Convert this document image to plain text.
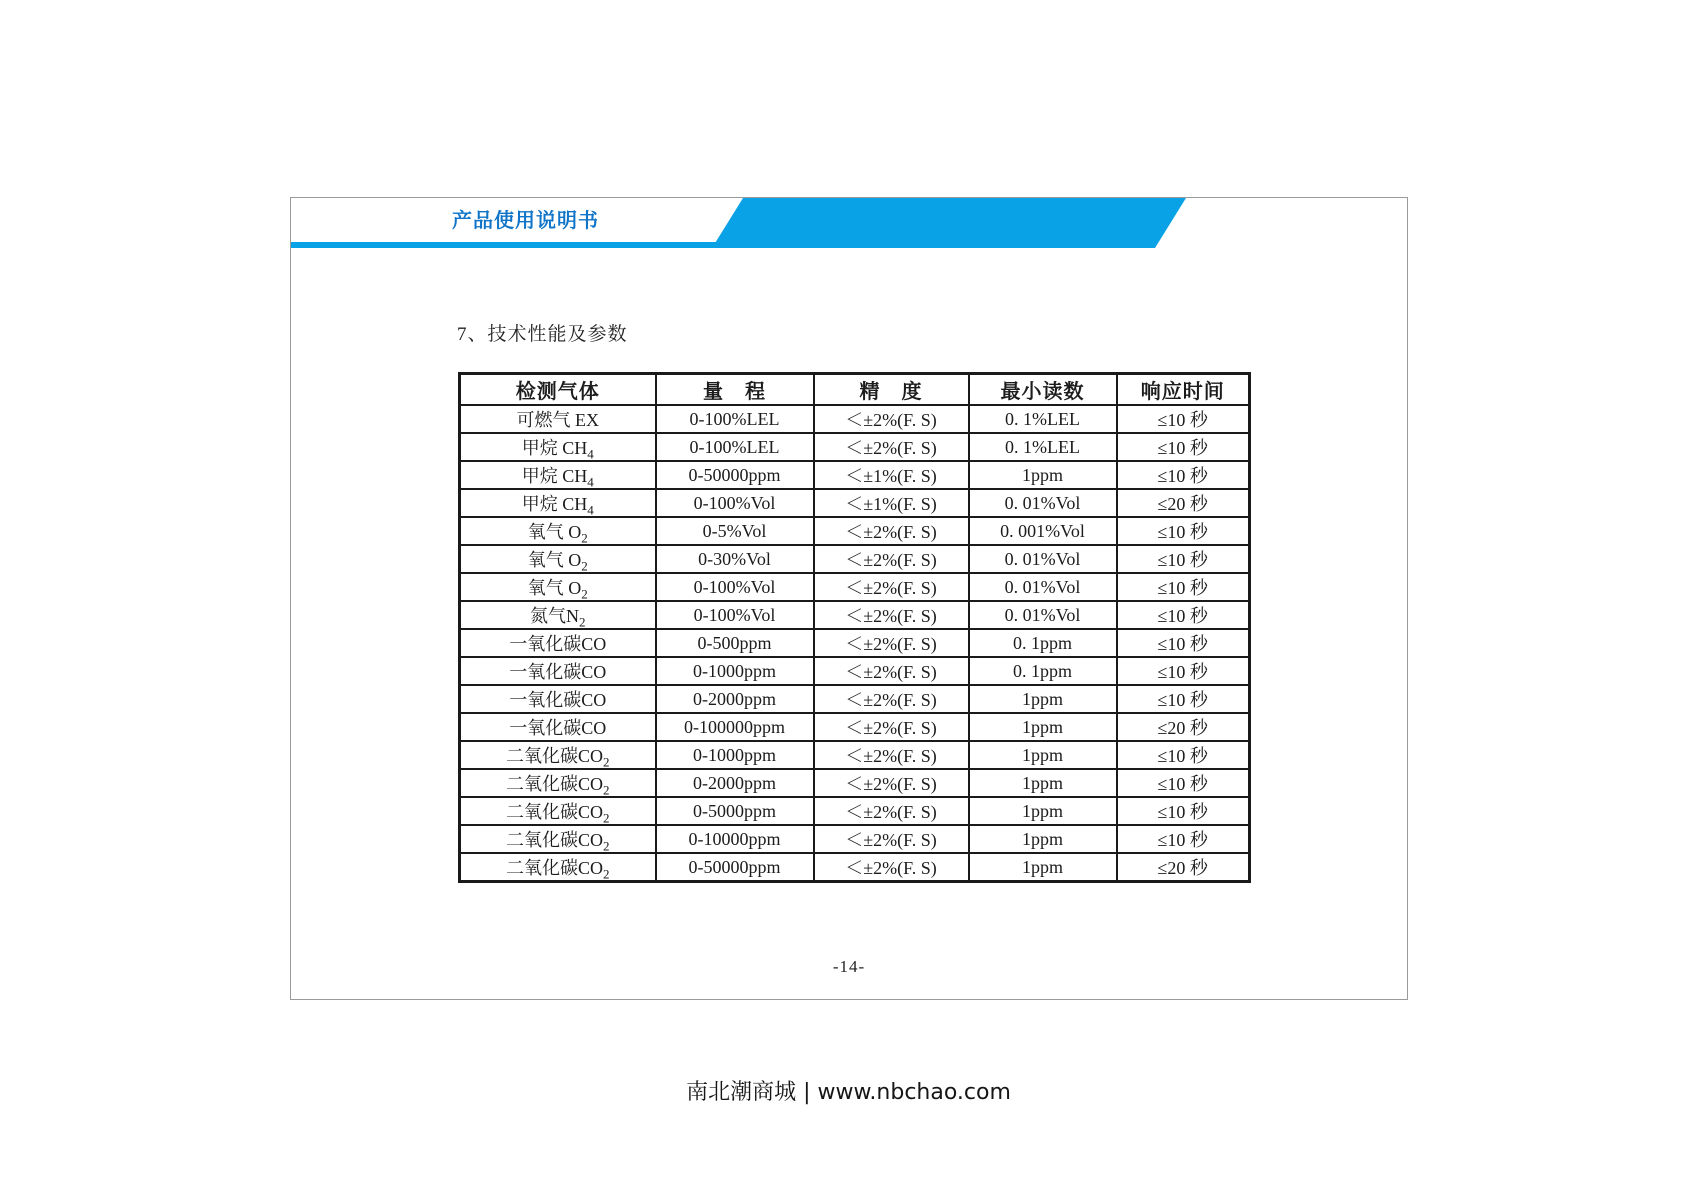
产品使用说明书
7、技术性能及参数
检测气体	量　程	精　度	最小读数	响应时间
可燃气 EX	0-100%LEL	＜±2%(F. S)	0. 1%LEL	≤10 秒
甲烷 $CH_4$	0-100%LEL	＜±2%(F. S)	0. 1%LEL	≤10 秒
甲烷 $CH_4$	0-50000ppm	＜±1%(F. S)	1ppm	≤10 秒
甲烷 $CH_4$	0-100%Vol	＜±1%(F. S)	0. 01%Vol	≤20 秒
氧气 $O_2$	0-5%Vol	＜±2%(F. S)	0. 001%Vol	≤10 秒
氧气 $O_2$	0-30%Vol	＜±2%(F. S)	0. 01%Vol	≤10 秒
氧气 $O_2$	0-100%Vol	＜±2%(F. S)	0. 01%Vol	≤10 秒
氮气$N_2$	0-100%Vol	＜±2%(F. S)	0. 01%Vol	≤10 秒
一氧化碳CO	0-500ppm	＜±2%(F. S)	0. 1ppm	≤10 秒
一氧化碳CO	0-1000ppm	＜±2%(F. S)	0. 1ppm	≤10 秒
一氧化碳CO	0-2000ppm	＜±2%(F. S)	1ppm	≤10 秒
一氧化碳CO	0-100000ppm	＜±2%(F. S)	1ppm	≤20 秒
二氧化碳$CO_2$	0-1000ppm	＜±2%(F. S)	1ppm	≤10 秒
二氧化碳$CO_2$	0-2000ppm	＜±2%(F. S)	1ppm	≤10 秒
二氧化碳$CO_2$	0-5000ppm	＜±2%(F. S)	1ppm	≤10 秒
二氧化碳$CO_2$	0-10000ppm	＜±2%(F. S)	1ppm	≤10 秒
二氧化碳$CO_2$	0-50000ppm	＜±2%(F. S)	1ppm	≤20 秒
-14-
南北潮商城 | www.nbchao.com
